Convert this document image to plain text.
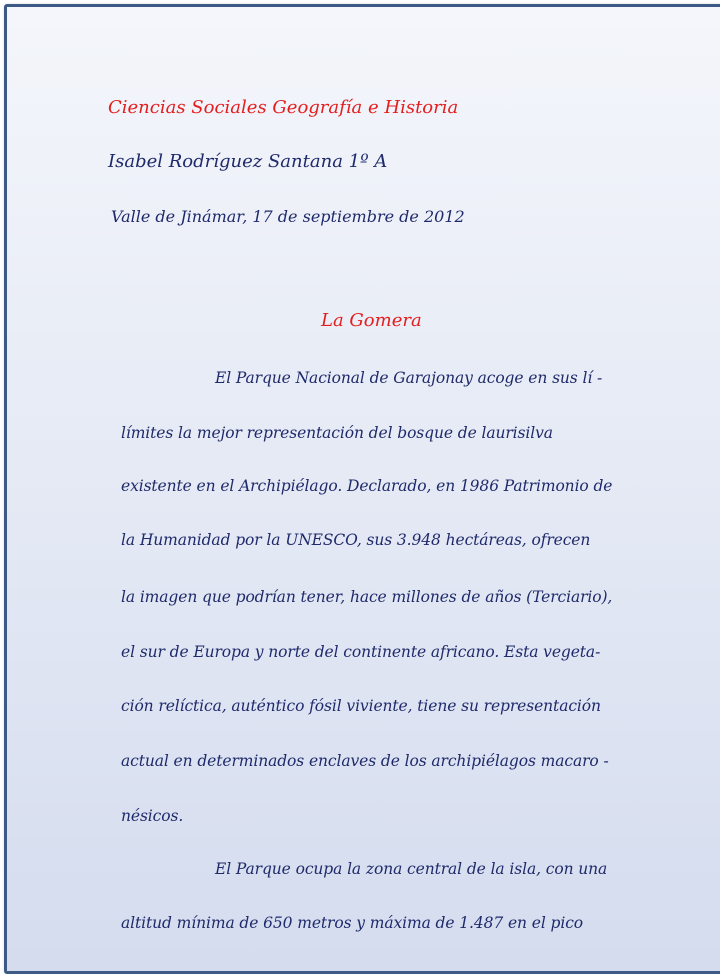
Ciencias Sociales Geografía e Historia

Isabel Rodríguez Santana 1º A

Valle de Jinámar, 17 de septiembre de 2012

La Gomera

El Parque Nacional de Garajonay acoge en sus lí -

límites la mejor representación del bosque de laurisilva

existente en el Archipiélago. Declarado, en 1986 Patrimonio de

la Humanidad por la UNESCO, sus 3.948 hectáreas, ofrecen

la imagen que podrían tener, hace millones de años (Terciario),

el sur de Europa y norte del continente africano. Esta vegeta-

ción relíctica, auténtico fósil viviente, tiene su representación

actual en determinados enclaves de los archipiélagos macaro -

nésicos.

El Parque ocupa la zona central de la isla, con una

altitud mínima de 650 metros y máxima de 1.487 en el pico
